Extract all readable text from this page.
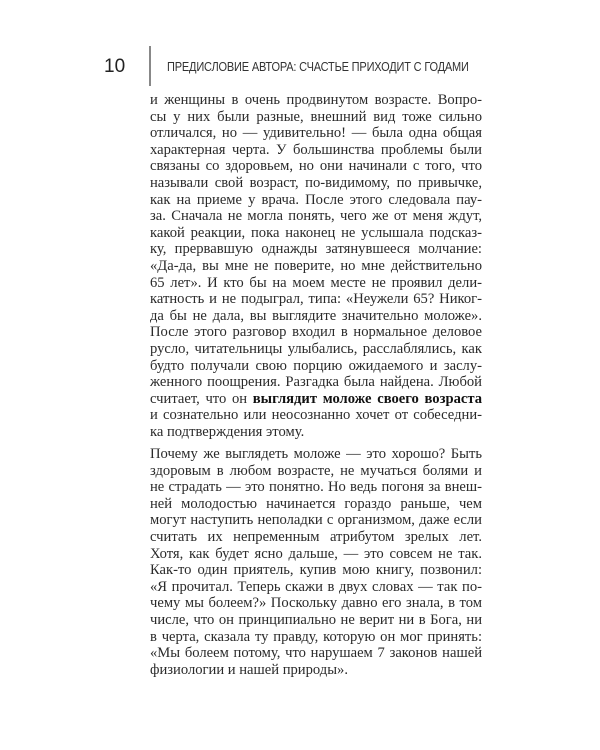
10	ПРЕДИСЛОВИЕ АВТОРА: СЧАСТЬЕ ПРИХОДИТ С ГОДАМИ
и женщины в очень продвинутом возрасте. Вопро-
сы у них были разные, внешний вид тоже сильно
отличался, но — удивительно! — была одна общая
характерная черта. У большинства проблемы были
связаны со здоровьем, но они начинали с того, что
называли свой возраст, по-видимому, по привычке,
как на приеме у врача. После этого следовала пау-
за. Сначала не могла понять, чего же от меня ждут,
какой реакции, пока наконец не услышала подсказ-
ку, прервавшую однажды затянувшееся молчание:
«Да-да, вы мне не поверите, но мне действительно
65 лет». И кто бы на моем месте не проявил дели-
катность и не подыграл, типа: «Неужели 65? Никог-
да бы не дала, вы выглядите значительно моложе».
После этого разговор входил в нормальное деловое
русло, читательницы улыбались, расслаблялись, как
будто получали свою порцию ожидаемого и заслу-
женного поощрения. Разгадка была найдена. Любой
считает, что он выглядит моложе своего возраста
и сознательно или неосознанно хочет от собеседни-
ка подтверждения этому.
Почему же выглядеть моложе — это хорошо? Быть
здоровым в любом возрасте, не мучаться болями и
не страдать — это понятно. Но ведь погоня за внеш-
ней молодостью начинается гораздо раньше, чем
могут наступить неполадки с организмом, даже если
считать их непременным атрибутом зрелых лет.
Хотя, как будет ясно дальше, — это совсем не так.
Как-то один приятель, купив мою книгу, позвонил:
«Я прочитал. Теперь скажи в двух словах — так по-
чему мы болеем?» Поскольку давно его знала, в том
числе, что он принципиально не верит ни в Бога, ни
в черта, сказала ту правду, которую он мог принять:
«Мы болеем потому, что нарушаем 7 законов нашей
физиологии и нашей природы».
